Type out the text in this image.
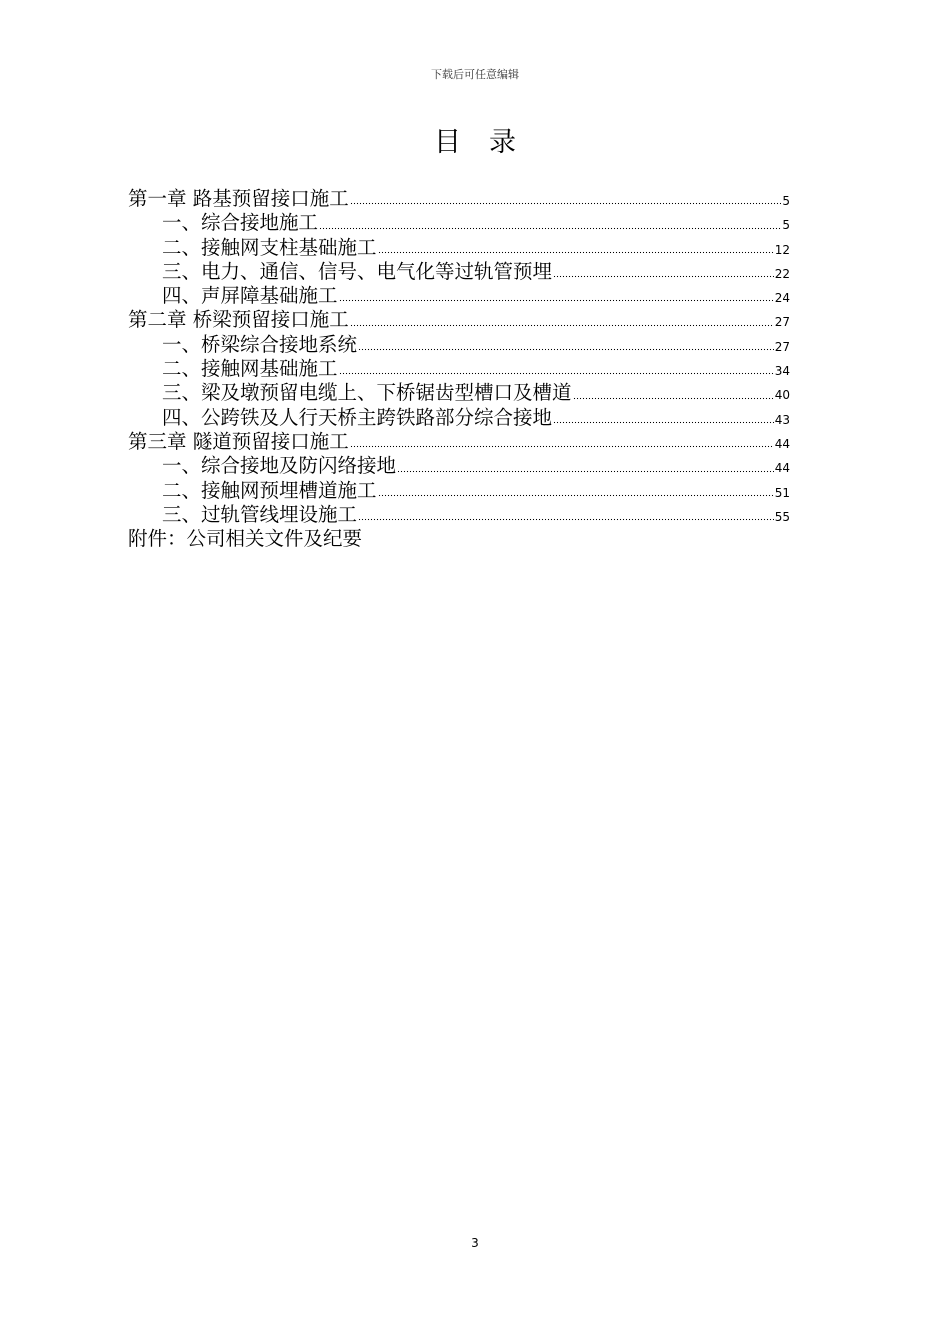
下载后可任意编辑
目录
第一章 路基预留接口施工	5
一、综合接地施工	5
二、接触网支柱基础施工	12
三、电力、通信、信号、电气化等过轨管预埋	22
四、声屏障基础施工	24
第二章 桥梁预留接口施工	27
一、桥梁综合接地系统	27
二、接触网基础施工	34
三、梁及墩预留电缆上、下桥锯齿型槽口及槽道	40
四、公跨铁及人行天桥主跨铁路部分综合接地	43
第三章 隧道预留接口施工	44
一、综合接地及防闪络接地	44
二、接触网预埋槽道施工	51
三、过轨管线埋设施工	55
附件：公司相关文件及纪要
3
